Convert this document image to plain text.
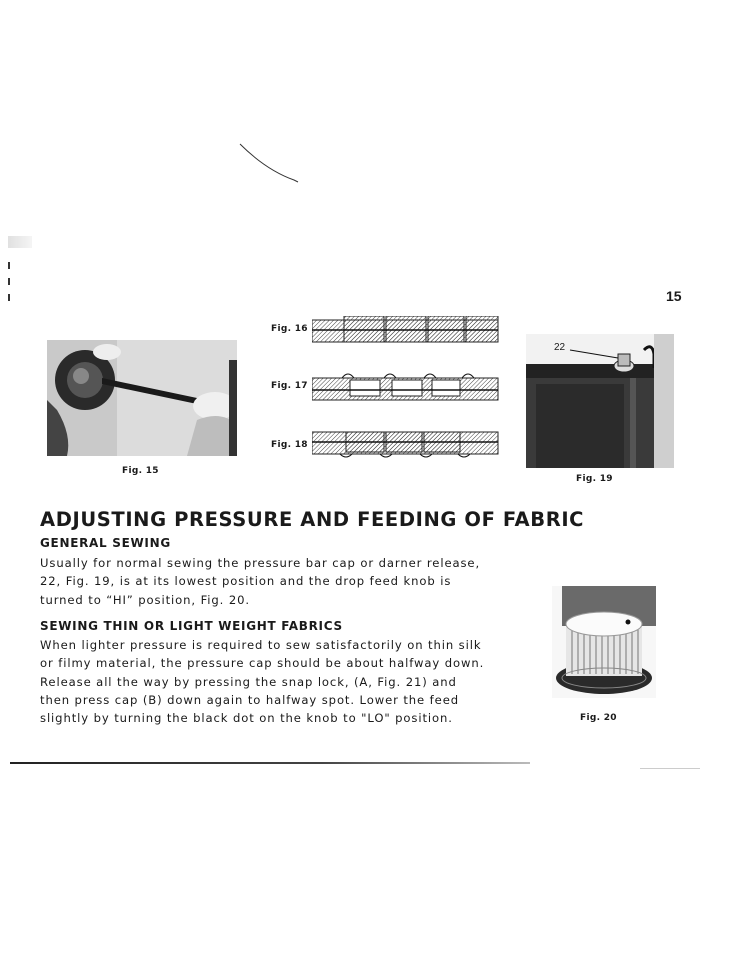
15
Fig. 15
Fig. 16
Fig. 17
Fig. 18
22
Fig. 19
ADJUSTING PRESSURE AND FEEDING OF FABRIC
GENERAL SEWING
Usually for normal sewing the pressure bar cap or darner release,
22, Fig. 19, is at its lowest position and the drop feed knob is
turned to “HI” position, Fig. 20.
SEWING THIN OR LIGHT WEIGHT FABRICS
When lighter pressure is required to sew satisfactorily on thin silk
or filmy material, the pressure cap should be about halfway down.
Release all the way by pressing the snap lock, (A, Fig. 21) and
then press cap (B) down again to halfway spot. Lower the feed
slightly by turning the black dot on the knob to "LO" position.	Fig. 20
